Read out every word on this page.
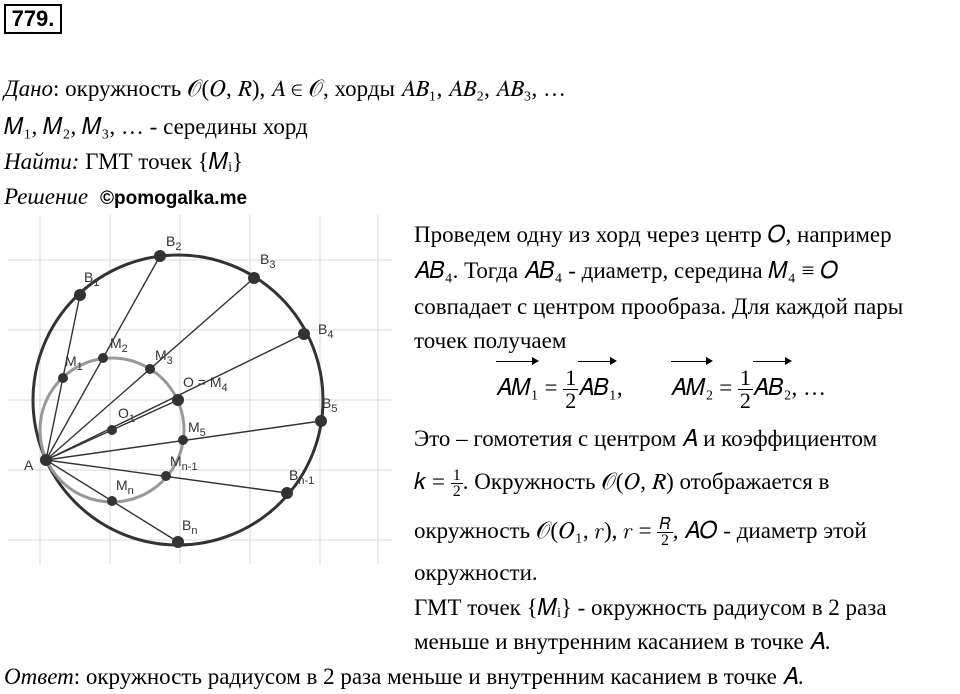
779.
Дано: окружность 𝒪(𝑂, 𝑅), 𝐴 ∈ 𝒪, хорды 𝐴𝐵₁, 𝐴𝐵₂, 𝐴𝐵₃, …
𝑀₁, 𝑀₂, 𝑀₃, … - середины хорд
Найти: ГМТ точек {𝑀ᵢ}
Решение ©pomogalka.me
A
$B_1$
$B_2$
$B_3$
$B_4$
$B_5$
$B_{n-1}$
$B_n$
$M_1$
$M_2$ $M_3$
$O = M_4$
$M_5$
$M_{n-1}$
$M_n$
$O_1$
Проведем одну из хорд через центр 𝑂, например
𝐴𝐵₄. Тогда 𝐴𝐵₄ - диаметр, середина 𝑀₄ ≡ 𝑂
совпадает с центром прообраза. Для каждой пары
точек получаем
𝐴𝑀₁ = $\frac{1}{2}$ 𝐴𝐵₁, 𝐴𝑀₂ = $\frac{1}{2}$ 𝐴𝐵₂, …
Это – гомотетия с центром 𝐴 и коэффициентом
𝑘 = $\frac{1}{2}$ . Окружность 𝒪(𝑂, 𝑅) отображается в
окружность 𝒪(𝑂₁, 𝑟), 𝑟 = $\frac{\text{𝑅}}{2}$ , 𝐴𝑂 - диаметр этой
окружности.
ГМТ точек {𝑀ᵢ} - окружность радиусом в 2 раза
меньше и внутренним касанием в точке 𝐴.
Ответ: окружность радиусом в 2 раза меньше и внутренним касанием в точке 𝐴.
